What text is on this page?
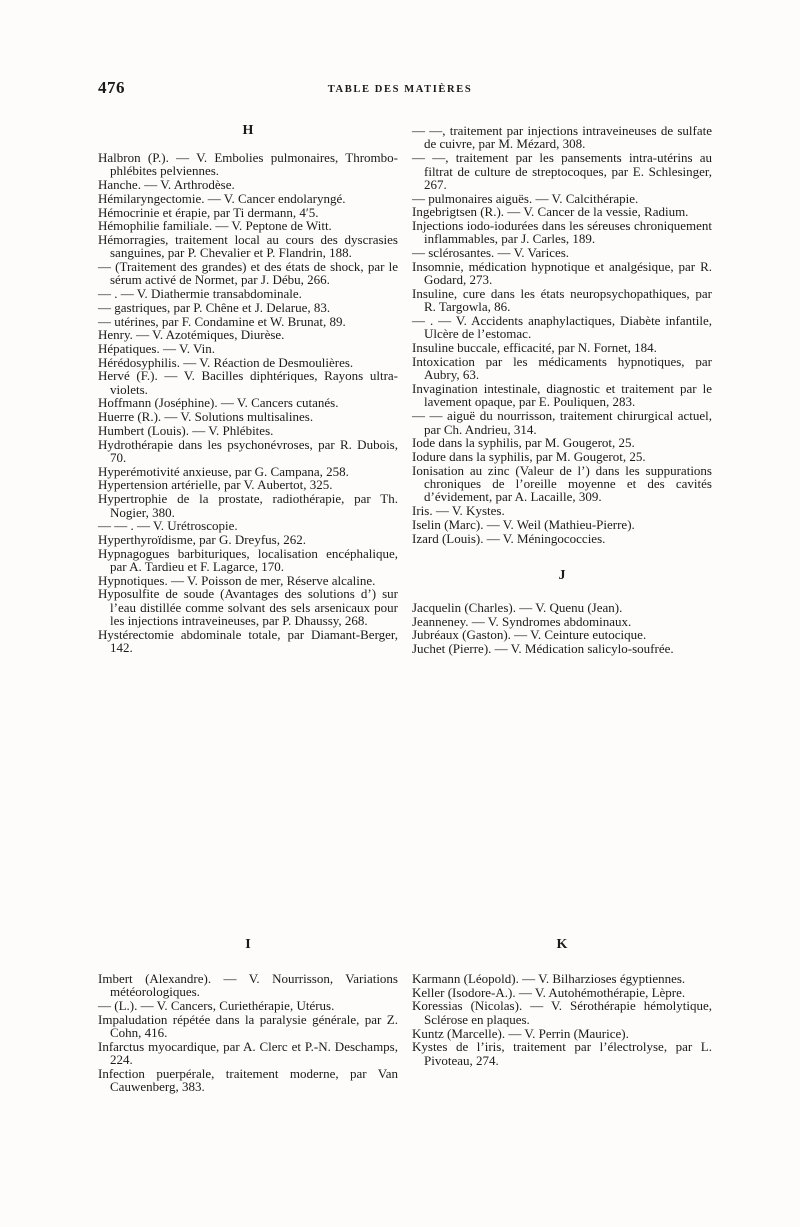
476	TABLE DES MATIÈRES
H

Halbron (P.). — V. Embolies pulmonaires, Thrombo-phlébites pelviennes.

Hanche. — V. Arthrodèse.

Hémilaryngectomie. — V. Cancer endolaryngé.

Hémocrinie et érapie, par Ti dermann, 4′5.

Hémophilie familiale. — V. Peptone de Witt.

Hémorragies, traitement local au cours des dyscrasies sanguines, par P. Chevalier et P. Flandrin, 188.

— (Traitement des grandes) et des états de shock, par le sérum activé de Normet, par J. Débu, 266.

— . — V. Diathermie transabdominale.

— gastriques, par P. Chêne et J. Delarue, 83.

— utérines, par F. Condamine et W. Brunat, 89.

Henry. — V. Azotémiques, Diurèse.

Hépatiques. — V. Vin.

Hérédosyphilis. — V. Réaction de Desmoulières.

Hervé (F.). — V. Bacilles diphtériques, Rayons ultra-violets.

Hoffmann (Joséphine). — V. Cancers cutanés.

Huerre (R.). — V. Solutions multisalines.

Humbert (Louis). — V. Phlébites.

Hydrothérapie dans les psychonévroses, par R. Dubois, 70.

Hyperémotivité anxieuse, par G. Campana, 258.

Hypertension artérielle, par V. Aubertot, 325.

Hypertrophie de la prostate, radiothérapie, par Th. Nogier, 380.

— — . — V. Urétroscopie.

Hyperthyroïdisme, par G. Dreyfus, 262.

Hypnagogues barbituriques, localisation encéphalique, par A. Tardieu et F. Lagarce, 170.

Hypnotiques. — V. Poisson de mer, Réserve alcaline.

Hyposulfite de soude (Avantages des solutions d’) sur l’eau distillée comme solvant des sels arsenicaux pour les injections intraveineuses, par P. Dhaussy, 268.

Hystérectomie abdominale totale, par Diamant-Berger, 142.

— —, traitement par injections intraveineuses de sulfate de cuivre, par M. Mézard, 308.

— —, traitement par les pansements intra-utérins au filtrat de culture de streptocoques, par E. Schlesinger, 267.

— pulmonaires aiguës. — V. Calcithérapie.

Ingebrigtsen (R.). — V. Cancer de la vessie, Radium.

Injections iodo-iodurées dans les séreuses chroniquement inflammables, par J. Carles, 189.

— sclérosantes. — V. Varices.

Insomnie, médication hypnotique et analgésique, par R. Godard, 273.

Insuline, cure dans les états neuropsychopathiques, par R. Targowla, 86.

— . — V. Accidents anaphylactiques, Diabète infantile, Ulcère de l’estomac.

Insuline buccale, efficacité, par N. Fornet, 184.

Intoxication par les médicaments hypnotiques, par Aubry, 63.

Invagination intestinale, diagnostic et traitement par le lavement opaque, par E. Pouliquen, 283.

— — aiguë du nourrisson, traitement chirurgical actuel, par Ch. Andrieu, 314.

Iode dans la syphilis, par M. Gougerot, 25.

Iodure dans la syphilis, par M. Gougerot, 25.

Ionisation au zinc (Valeur de l’) dans les suppurations chroniques de l’oreille moyenne et des cavités d’évidement, par A. Lacaille, 309.

Iris. — V. Kystes.

Iselin (Marc). — V. Weil (Mathieu-Pierre).

Izard (Louis). — V. Méningococcies.

J

Jacquelin (Charles). — V. Quenu (Jean).

Jeanneney. — V. Syndromes abdominaux.

Jubréaux (Gaston). — V. Ceinture eutocique.

Juchet (Pierre). — V. Médication salicylo-soufrée.

I

Imbert (Alexandre). — V. Nourrisson, Variations météorologiques.

— (L.). — V. Cancers, Curiethérapie, Utérus.

Impaludation répétée dans la paralysie générale, par Z. Cohn, 416.

Infarctus myocardique, par A. Clerc et P.-N. Deschamps, 224.

Infection puerpérale, traitement moderne, par Van Cauwenberg, 383.

K

Karmann (Léopold). — V. Bilharzioses égyptiennes.

Keller (Isodore-A.). — V. Autohémothérapie, Lèpre.

Koressias (Nicolas). — V. Sérothérapie hémolytique, Sclérose en plaques.

Kuntz (Marcelle). — V. Perrin (Maurice).

Kystes de l’iris, traitement par l’électrolyse, par L. Pivoteau, 274.
